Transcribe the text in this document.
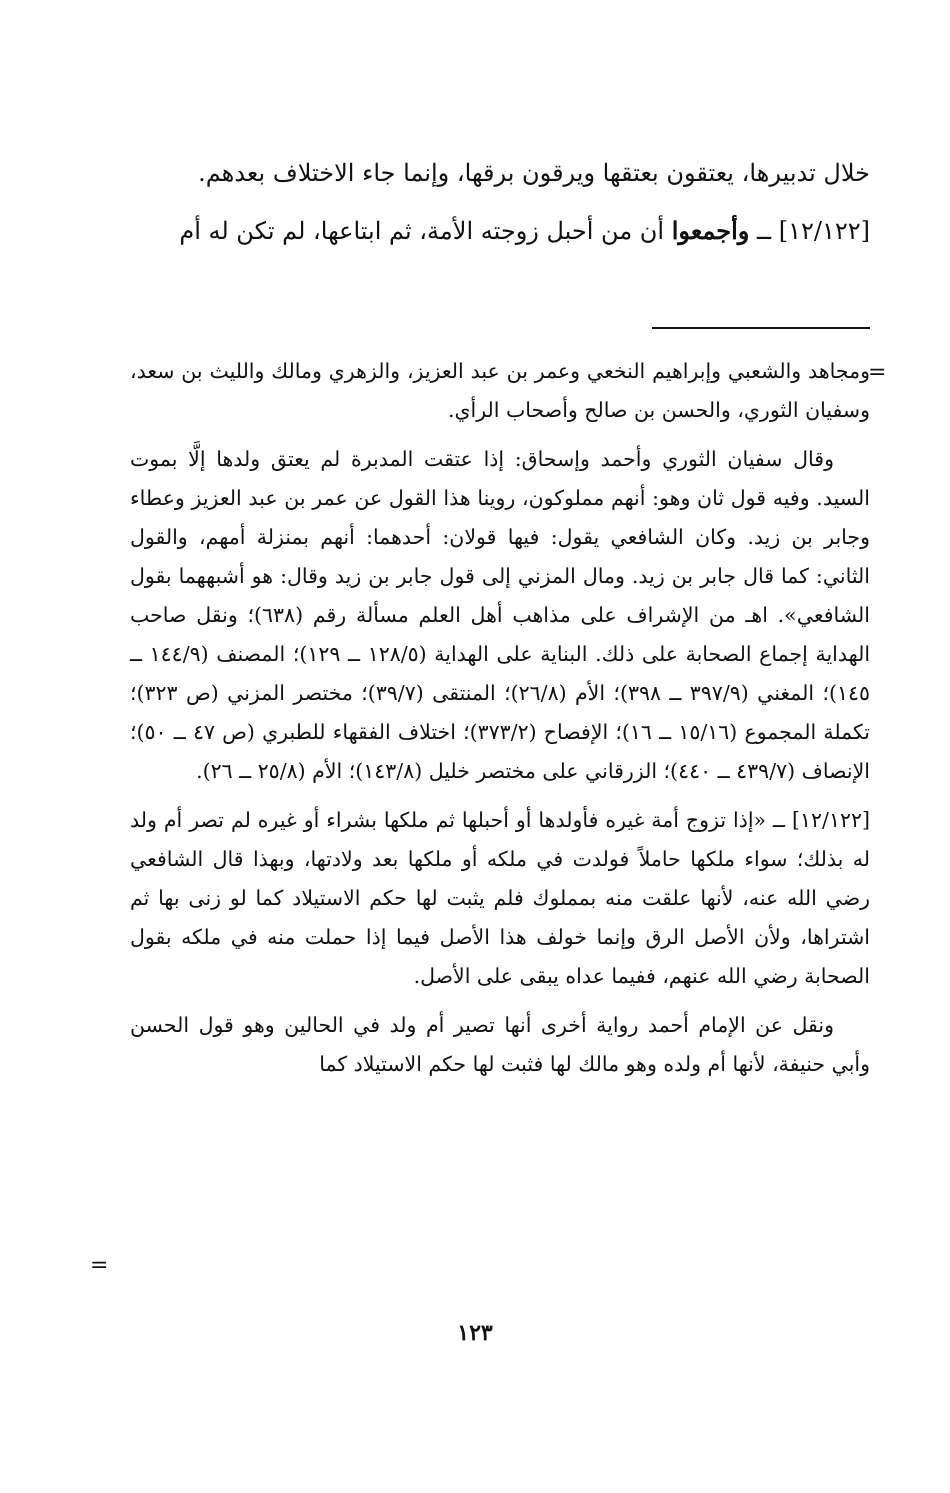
خلال تدبيرها، يعتقون بعتقها ويرقون برقها، وإنما جاء الاختلاف بعدهم.

[١٢/١٢٢] ــ وأجمعوا أن من أحبل زوجته الأمة، ثم ابتاعها، لم تكن له أم

=

ومجاهد والشعبي وإبراهيم النخعي وعمر بن عبد العزيز، والزهري ومالك والليث بن سعد، وسفيان الثوري، والحسن بن صالح وأصحاب الرأي.

وقال سفيان الثوري وأحمد وإسحاق: إذا عتقت المدبرة لم يعتق ولدها إلَّا بموت السيد. وفيه قول ثان وهو: أنهم مملوكون، روينا هذا القول عن عمر بن عبد العزيز وعطاء وجابر بن زيد. وكان الشافعي يقول: فيها قولان: أحدهما: أنهم بمنزلة أمهم، والقول الثاني: كما قال جابر بن زيد. ومال المزني إلى قول جابر بن زيد وقال: هو أشبههما بقول الشافعي». اهـ من الإشراف على مذاهب أهل العلم مسألة رقم (٦٣٨)؛ ونقل صاحب الهداية إجماع الصحابة على ذلك. البناية على الهداية (١٢٨/٥ ــ ١٢٩)؛ المصنف (١٤٤/٩ ــ ١٤٥)؛ المغني (٣٩٧/٩ ــ ٣٩٨)؛ الأم (٢٦/٨)؛ المنتقى (٣٩/٧)؛ مختصر المزني (ص ٣٢٣)؛ تكملة المجموع (١٥/١٦ ــ ١٦)؛ الإفصاح (٣٧٣/٢)؛ اختلاف الفقهاء للطبري (ص ٤٧ ــ ٥٠)؛ الإنصاف (٤٣٩/٧ ــ ٤٤٠)؛ الزرقاني على مختصر خليل (١٤٣/٨)؛ الأم (٢٥/٨ ــ ٢٦).

[١٢/١٢٢] ــ «إذا تزوج أمة غيره فأولدها أو أحبلها ثم ملكها بشراء أو غيره لم تصر أم ولد له بذلك؛ سواء ملكها حاملاً فولدت في ملكه أو ملكها بعد ولادتها، وبهذا قال الشافعي رضي الله عنه، لأنها علقت منه بمملوك فلم يثبت لها حكم الاستيلاد كما لو زنى بها ثم اشتراها، ولأن الأصل الرق وإنما خولف هذا الأصل فيما إذا حملت منه في ملكه بقول الصحابة رضي الله عنهم، ففيما عداه يبقى على الأصل.

ونقل عن الإمام أحمد رواية أخرى أنها تصير أم ولد في الحالين وهو قول الحسن وأبي حنيفة، لأنها أم ولده وهو مالك لها فثبت لها حكم الاستيلاد كما

=
١٢٣
